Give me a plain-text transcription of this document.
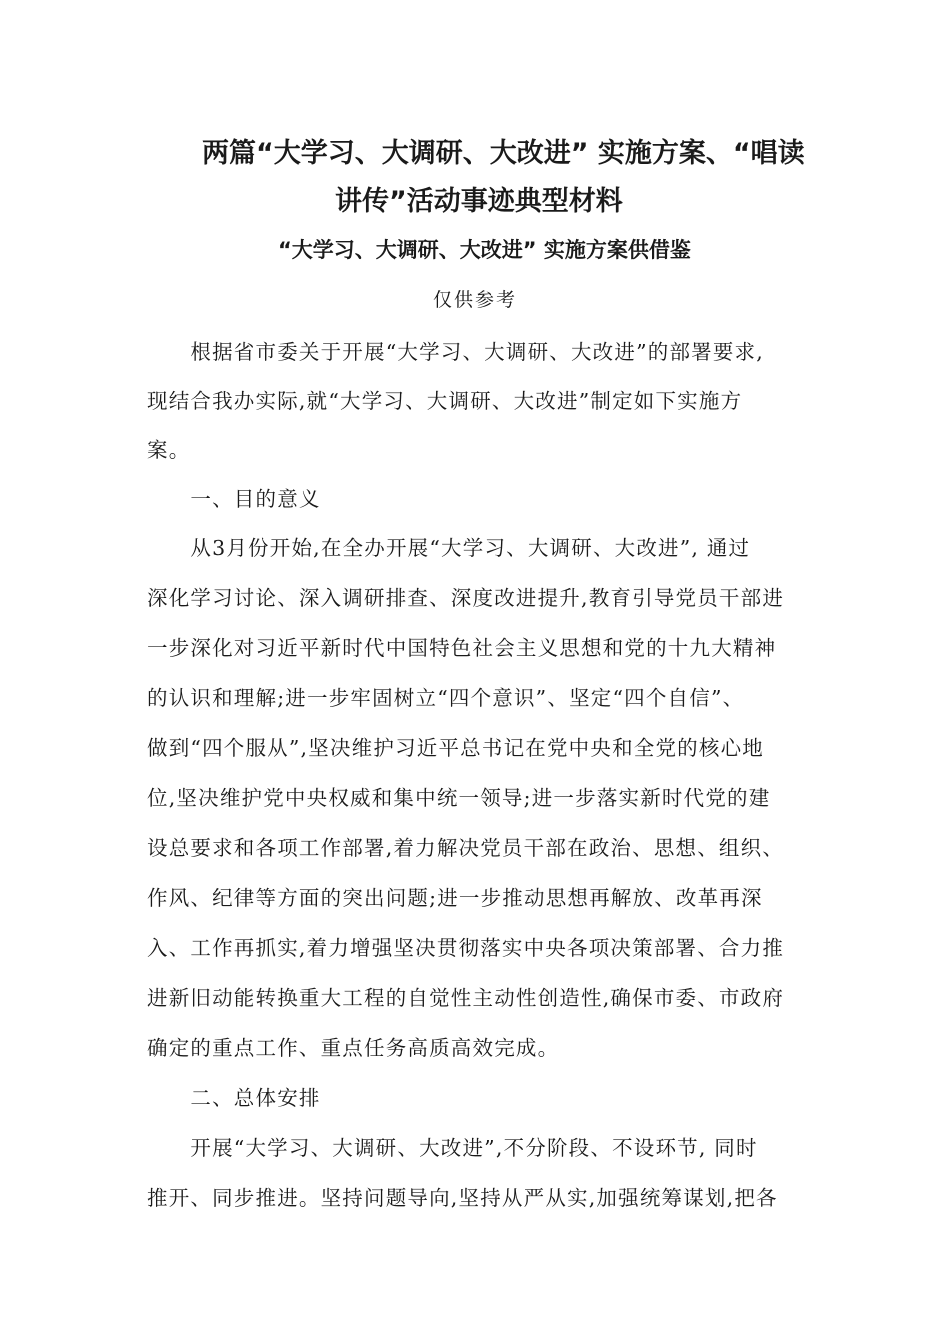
两篇“大学习、大调研、大改进” 实施方案、“唱读
讲传”活动事迹典型材料
“大学习、大调研、大改进” 实施方案供借鉴
仅供参考
　　根据省市委关于开展“大学习、大调研、大改进”的部署要求,
现结合我办实际,就“大学习、大调研、大改进”制定如下实施方
案。
　　一、目的意义
　　从3月份开始,在全办开展“大学习、大调研、大改进”, 通过
深化学习讨论、深入调研排查、深度改进提升,教育引导党员干部进
一步深化对习近平新时代中国特色社会主义思想和党的十九大精神
的认识和理解;进一步牢固树立“四个意识”、坚定“四个自信”、
做到“四个服从”,坚决维护习近平总书记在党中央和全党的核心地
位,坚决维护党中央权威和集中统一领导;进一步落实新时代党的建
设总要求和各项工作部署,着力解决党员干部在政治、思想、组织、
作风、纪律等方面的突出问题;进一步推动思想再解放、改革再深
入、工作再抓实,着力增强坚决贯彻落实中央各项决策部署、合力推
进新旧动能转换重大工程的自觉性主动性创造性,确保市委、市政府
确定的重点工作、重点任务高质高效完成。
　　二、总体安排
　　开展“大学习、大调研、大改进”,不分阶段、不设环节, 同时
推开、同步推进。坚持问题导向,坚持从严从实,加强统筹谋划,把各
